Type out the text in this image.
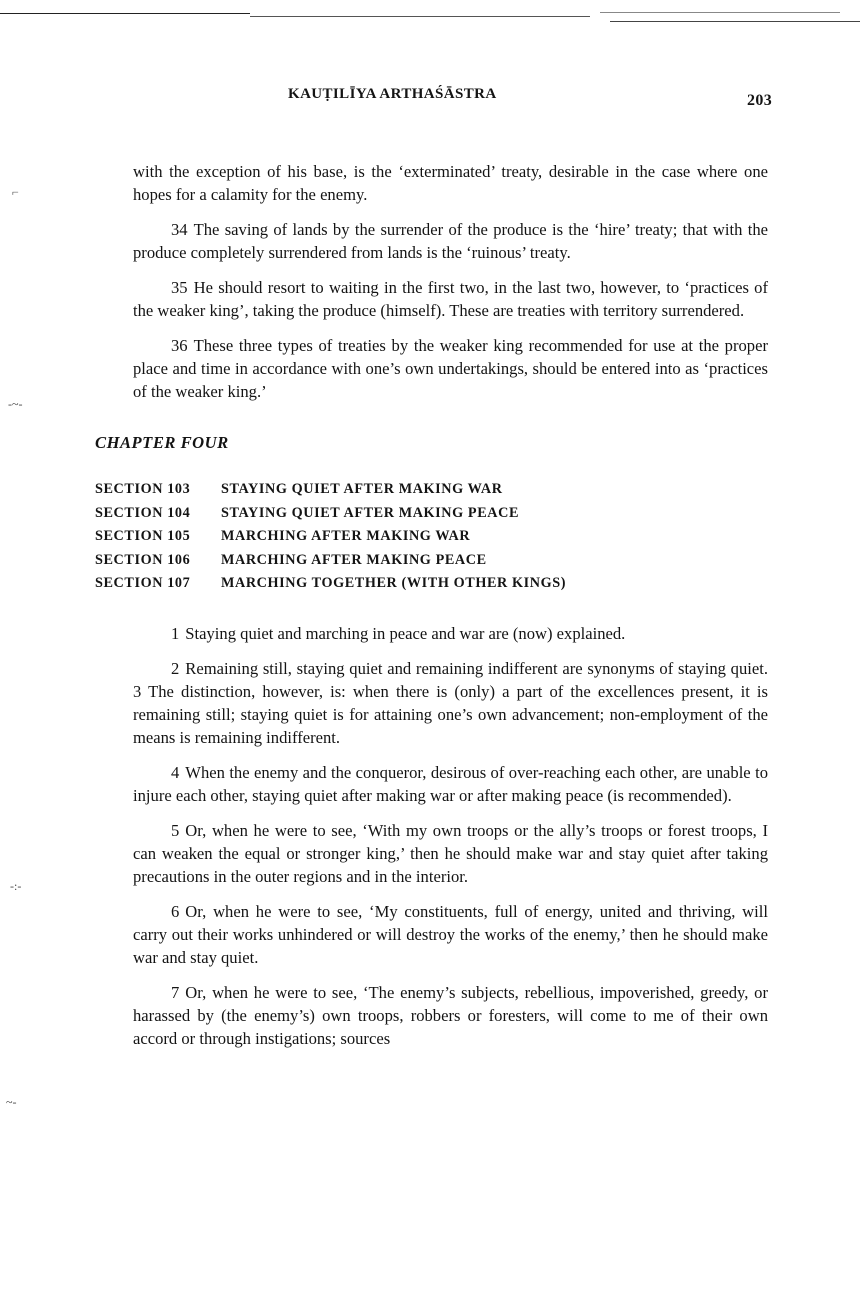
⌐
-~-
-:-
~-
KAUṬILĪYA ARTHAŚĀSTRA	203

with the exception of his base, is the ‘exterminated’ treaty, desirable in the case where one hopes for a calamity for the enemy.

34 The saving of lands by the surrender of the produce is the ‘hire’ treaty; that with the produce completely surrendered from lands is the ‘ruinous’ treaty.

35 He should resort to waiting in the first two, in the last two, however, to ‘practices of the weaker king’, taking the produce (himself). These are treaties with territory surrendered.

36 These three types of treaties by the weaker king recommended for use at the proper place and time in accordance with one’s own undertakings, should be entered into as ‘practices of the weaker king.’

CHAPTER FOUR
SECTION 103 STAYING QUIET AFTER MAKING WAR
SECTION 104 STAYING QUIET AFTER MAKING PEACE
SECTION 105 MARCHING AFTER MAKING WAR
SECTION 106 MARCHING AFTER MAKING PEACE
SECTION 107 MARCHING TOGETHER (WITH OTHER KINGS)

1 Staying quiet and marching in peace and war are (now) explained.

2 Remaining still, staying quiet and remaining indifferent are synonyms of staying quiet. 3 The distinction, however, is: when there is (only) a part of the excellences present, it is remaining still; staying quiet is for attaining one’s own advancement; non-employment of the means is remaining indifferent.

4 When the enemy and the conqueror, desirous of over-reaching each other, are unable to injure each other, staying quiet after making war or after making peace (is recommended).

5 Or, when he were to see, ‘With my own troops or the ally’s troops or forest troops, I can weaken the equal or stronger king,’ then he should make war and stay quiet after taking precautions in the outer regions and in the interior.

6 Or, when he were to see, ‘My constituents, full of energy, united and thriving, will carry out their works unhindered or will destroy the works of the enemy,’ then he should make war and stay quiet.

7 Or, when he were to see, ‘The enemy’s subjects, rebellious, impoverished, greedy, or harassed by (the enemy’s) own troops, robbers or foresters, will come to me of their own accord or through instigations; sources
